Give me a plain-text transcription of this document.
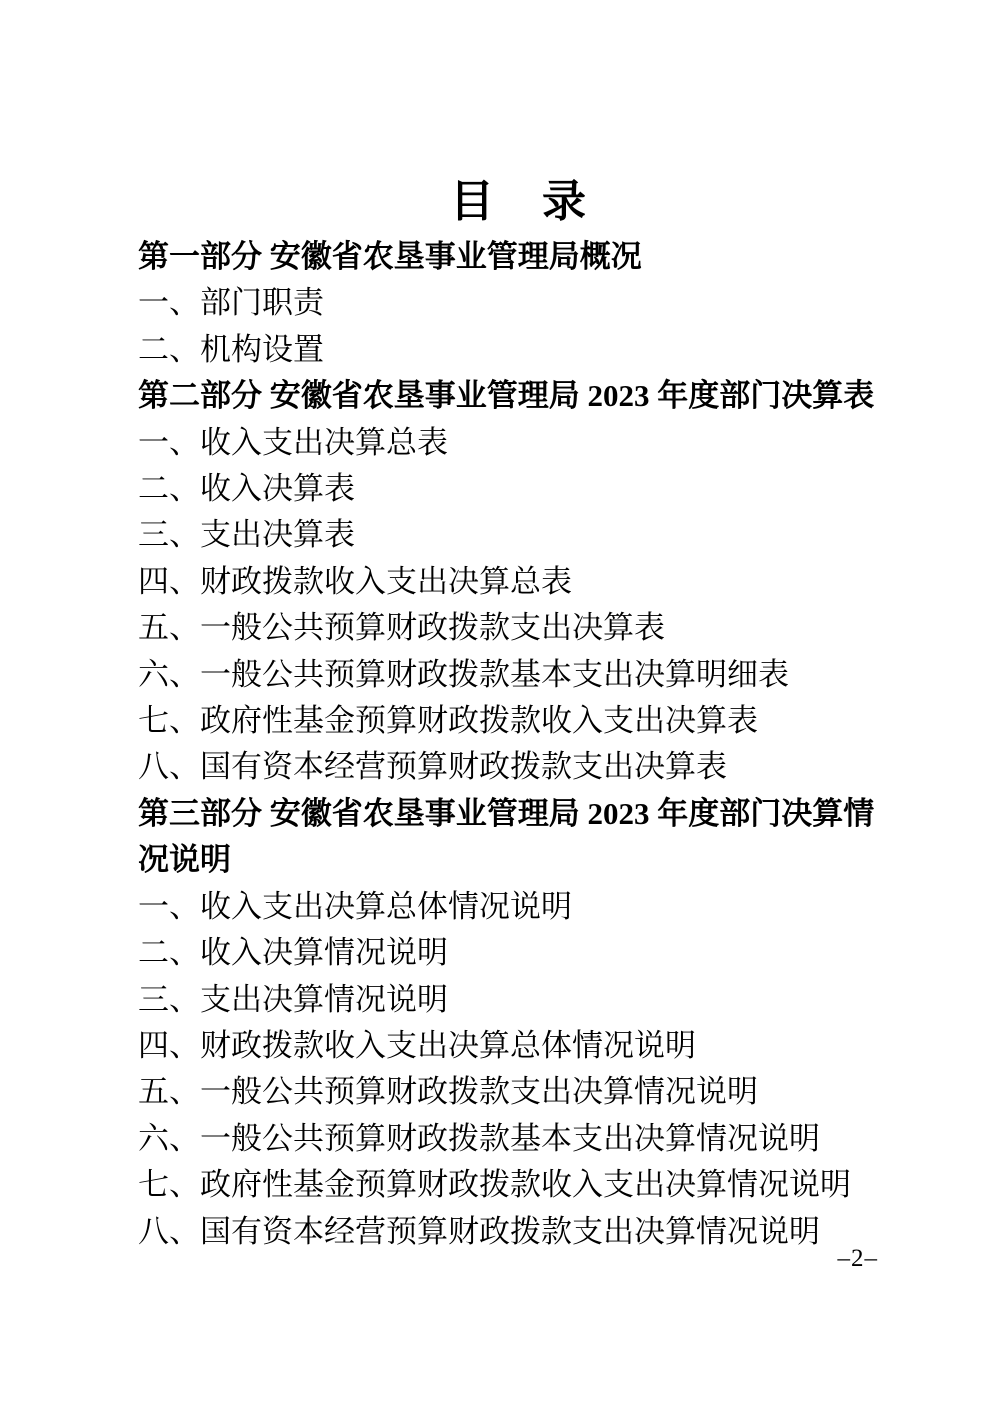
目　录
第一部分 安徽省农垦事业管理局概况
一、部门职责
二、机构设置
第二部分 安徽省农垦事业管理局 2023 年度部门决算表
一、收入支出决算总表
二、收入决算表
三、支出决算表
四、财政拨款收入支出决算总表
五、一般公共预算财政拨款支出决算表
六、一般公共预算财政拨款基本支出决算明细表
七、政府性基金预算财政拨款收入支出决算表
八、国有资本经营预算财政拨款支出决算表
第三部分 安徽省农垦事业管理局 2023 年度部门决算情
况说明
一、收入支出决算总体情况说明
二、收入决算情况说明
三、支出决算情况说明
四、财政拨款收入支出决算总体情况说明
五、一般公共预算财政拨款支出决算情况说明
六、一般公共预算财政拨款基本支出决算情况说明
七、政府性基金预算财政拨款收入支出决算情况说明
八、国有资本经营预算财政拨款支出决算情况说明
–2–
